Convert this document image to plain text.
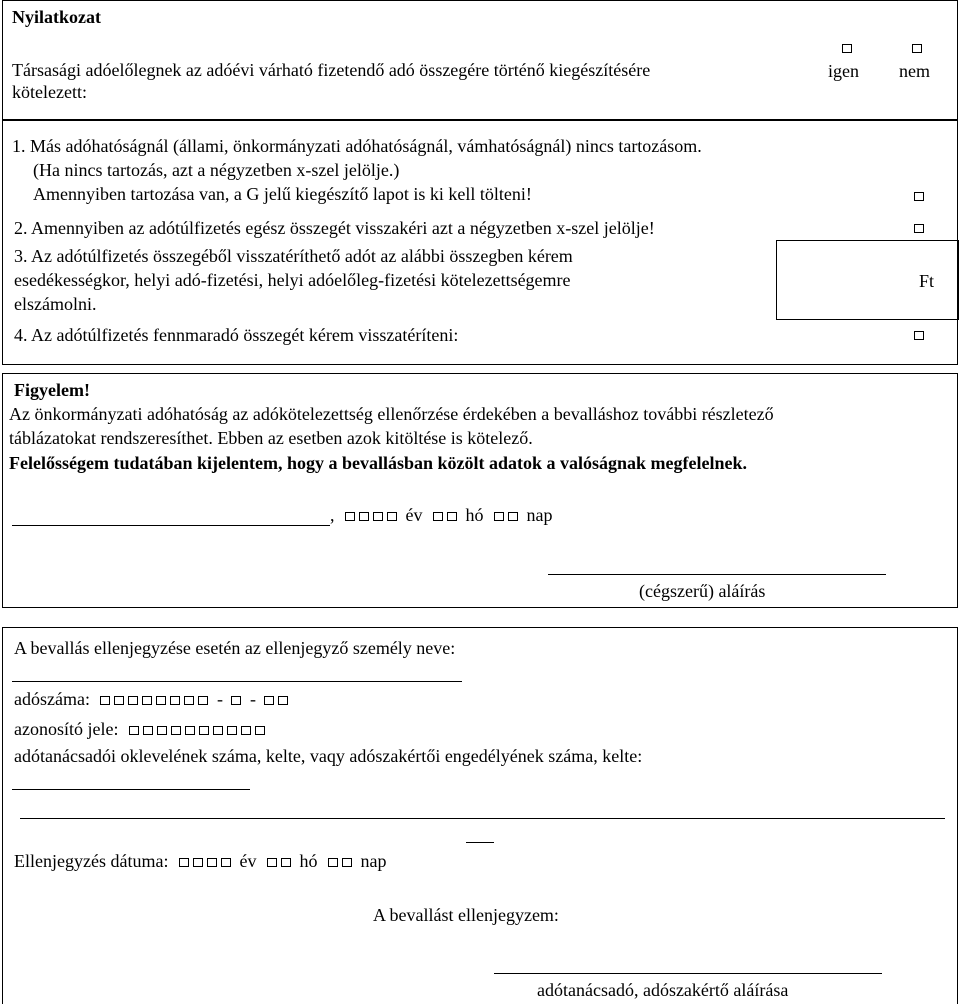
Nyilatkozat
Társasági adóelőlegnek az adóévi várható fizetendő adó összegére történő kiegészítésére
kötelezett:
igen nem
1. Más adóhatóságnál (állami, önkormányzati adóhatóságnál, vámhatóságnál) nincs tartozásom.
(Ha nincs tartozás, azt a négyzetben x-szel jelölje.)
Amennyiben tartozása van, a G jelű kiegészítő lapot is ki kell tölteni!
2. Amennyiben az adótúlfizetés egész összegét visszakéri azt a négyzetben x-szel jelölje!
3. Az adótúlfizetés összegéből visszatéríthető adót az alábbi összegben kérem
esedékességkor, helyi adó-fizetési, helyi adóelőleg-fizetési kötelezettségemre
elszámolni.
Ft
4. Az adótúlfizetés fennmaradó összegét kérem visszatéríteni:
Figyelem!
Az önkormányzati adóhatóság az adókötelezettség ellenőrzése érdekében a bevalláshoz további részletező
táblázatokat rendszeresíthet. Ebben az esetben azok kitöltése is kötelező.
Felelősségem tudatában kijelentem, hogy a bevallásban közölt adatok a valóságnak megfelelnek.
,	év hó nap
(cégszerű) aláírás
A bevallás ellenjegyzése esetén az ellenjegyző személy neve:
adószáma:	- -
azonosító jele:
adótanácsadói oklevelének száma, kelte, vaqy adószakértői engedélyének száma, kelte:
Ellenjegyzés dátuma:	év hó nap
A bevallást ellenjegyzem:
adótanácsadó, adószakértő aláírása
